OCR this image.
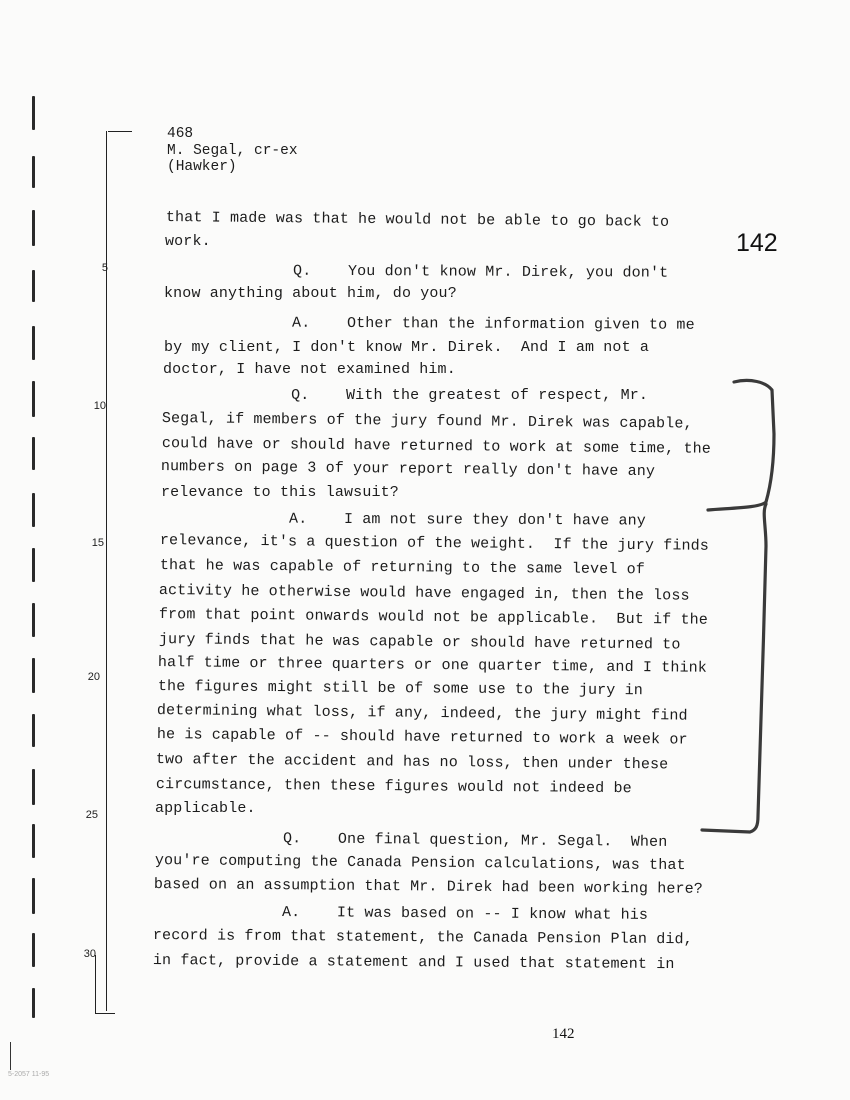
5
10
15
20
25
30
468
M. Segal, cr-ex
(Hawker)
142
that I made was that he would not be able to go back to
work.
Q.    You don't know Mr. Direk, you don't
know anything about him, do you?
A.    Other than the information given to me
by my client, I don't know Mr. Direk.  And I am not a
doctor, I have not examined him.
Q.    With the greatest of respect, Mr.
Segal, if members of the jury found Mr. Direk was capable,
could have or should have returned to work at some time, the
numbers on page 3 of your report really don't have any
relevance to this lawsuit?
A.    I am not sure they don't have any
relevance, it's a question of the weight.  If the jury finds
that he was capable of returning to the same level of
activity he otherwise would have engaged in, then the loss
from that point onwards would not be applicable.  But if the
jury finds that he was capable or should have returned to
half time or three quarters or one quarter time, and I think
the figures might still be of some use to the jury in
determining what loss, if any, indeed, the jury might find
he is capable of -- should have returned to work a week or
two after the accident and has no loss, then under these
circumstance, then these figures would not indeed be
applicable.
Q.    One final question, Mr. Segal.  When
you're computing the Canada Pension calculations, was that
based on an assumption that Mr. Direk had been working here?
A.    It was based on -- I know what his
record is from that statement, the Canada Pension Plan did,
in fact, provide a statement and I used that statement in
142
5-2057 11-95
